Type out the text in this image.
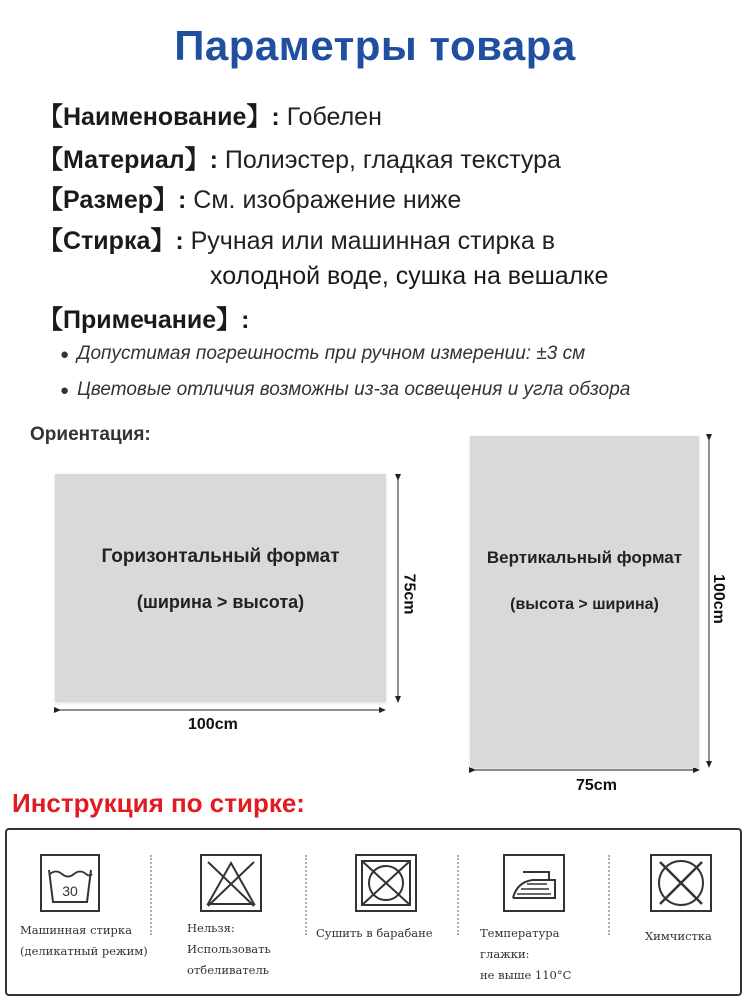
Параметры товара
【Наименование】: Гобелен
【Материал】: Полиэстер, гладкая текстура
【Размер】: См. изображение ниже
【Стирка】: Ручная или машинная стирка в
холодной воде, сушка на вешалке
【Примечание】:
● Допустимая погрешность при ручном измерении: ±3 см
● Цветовые отличия возможны из-за освещения и угла обзора
Ориентация:
Горизонтальный формат
(ширина > высота)
100cm
75cm
Вертикальный формат
(высота > ширина)
75cm
100cm
Инструкция по стирке:
30
Машинная стирка
(деликатный режим)
Нельзя:
Использовать
отбеливатель
Сушить в барабане	Температура
глажки:
не выше 110°C
Химчистка
